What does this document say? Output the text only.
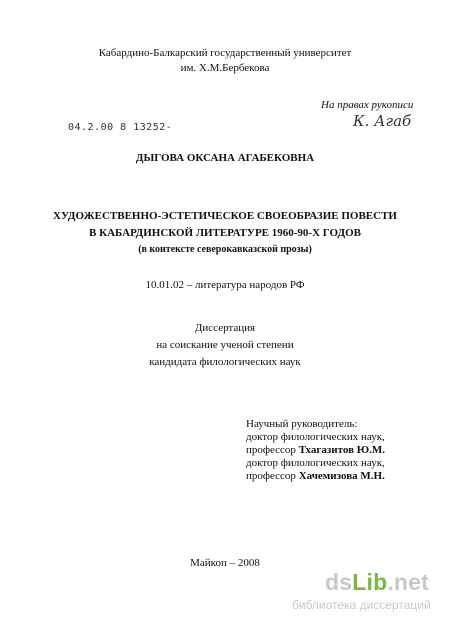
Кабардино-Балкарский государственный университет
им. Х.М.Бербекова
На правах рукописи
К. Агаб
04.2.00 8 13252-
ДЫГОВА ОКСАНА АГАБЕКОВНА
ХУДОЖЕСТВЕННО-ЭСТЕТИЧЕСКОЕ СВОЕОБРАЗИЕ ПОВЕСТИ
В КАБАРДИНСКОЙ ЛИТЕРАТУРЕ 1960-90-Х ГОДОВ
(в контексте северокавказской прозы)
10.01.02 – литература народов РФ
Диссертация
на соискание ученой степени
кандидата филологических наук
Научный руководитель:
доктор филологических наук,
профессор Тхагазитов Ю.М.
доктор филологических наук,
профессор Хачемизова М.Н.
Майкоп – 2008
dsLib.net
библиотека диссертаций
